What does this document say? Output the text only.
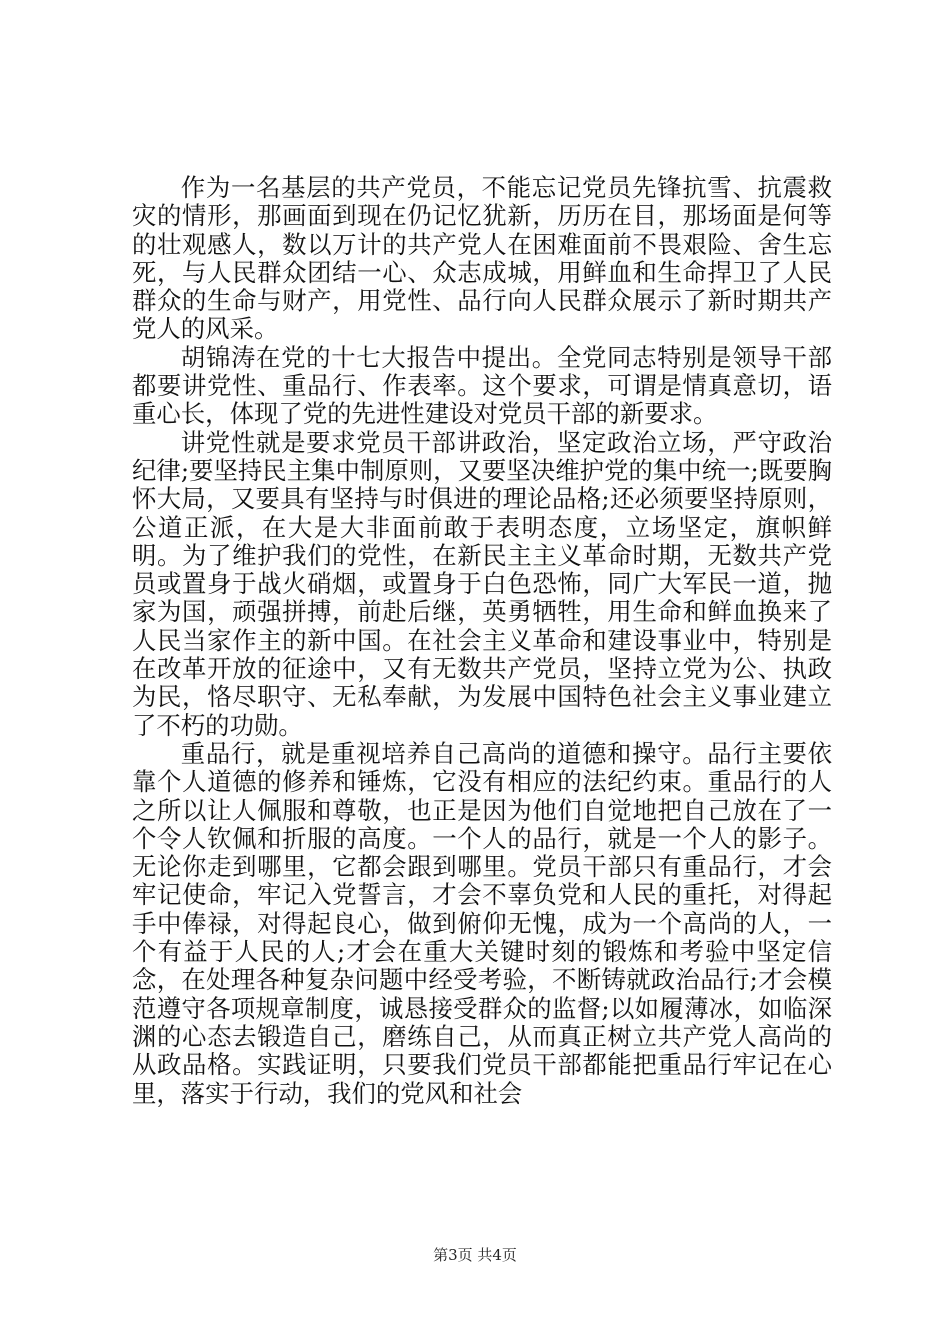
作为一名基层的共产党员，不能忘记党员先锋抗雪、抗震救灾的情形，那画面到现在仍记忆犹新，历历在目，那场面是何等的壮观感人，数以万计的共产党人在困难面前不畏艰险、舍生忘死，与人民群众团结一心、众志成城，用鲜血和生命捍卫了人民群众的生命与财产，用党性、品行向人民群众展示了新时期共产党人的风采。

胡锦涛在党的十七大报告中提出。全党同志特别是领导干部都要讲党性、重品行、作表率。这个要求，可谓是情真意切，语重心长，体现了党的先进性建设对党员干部的新要求。

讲党性就是要求党员干部讲政治，坚定政治立场，严守政治纪律;要坚持民主集中制原则，又要坚决维护党的集中统一;既要胸怀大局，又要具有坚持与时俱进的理论品格;还必须要坚持原则，公道正派，在大是大非面前敢于表明态度，立场坚定，旗帜鲜明。为了维护我们的党性，在新民主主义革命时期，无数共产党员或置身于战火硝烟，或置身于白色恐怖，同广大军民一道，抛家为国，顽强拼搏，前赴后继，英勇牺牲，用生命和鲜血换来了人民当家作主的新中国。在社会主义革命和建设事业中，特别是在改革开放的征途中，又有无数共产党员，坚持立党为公、执政为民，恪尽职守、无私奉献，为发展中国特色社会主义事业建立了不朽的功勋。

重品行，就是重视培养自己高尚的道德和操守。品行主要依靠个人道德的修养和锤炼，它没有相应的法纪约束。重品行的人之所以让人佩服和尊敬，也正是因为他们自觉地把自己放在了一个令人钦佩和折服的高度。一个人的品行，就是一个人的影子。无论你走到哪里，它都会跟到哪里。党员干部只有重品行，才会牢记使命，牢记入党誓言，才会不辜负党和人民的重托，对得起手中俸禄，对得起良心，做到俯仰无愧，成为一个高尚的人，一个有益于人民的人;才会在重大关键时刻的锻炼和考验中坚定信念，在处理各种复杂问题中经受考验，不断铸就政治品行;才会模范遵守各项规章制度，诚恳接受群众的监督;以如履薄冰，如临深渊的心态去锻造自己，磨练自己，从而真正树立共产党人高尚的从政品格。实践证明，只要我们党员干部都能把重品行牢记在心里，落实于行动，我们的党风和社会

第3页 共4页
